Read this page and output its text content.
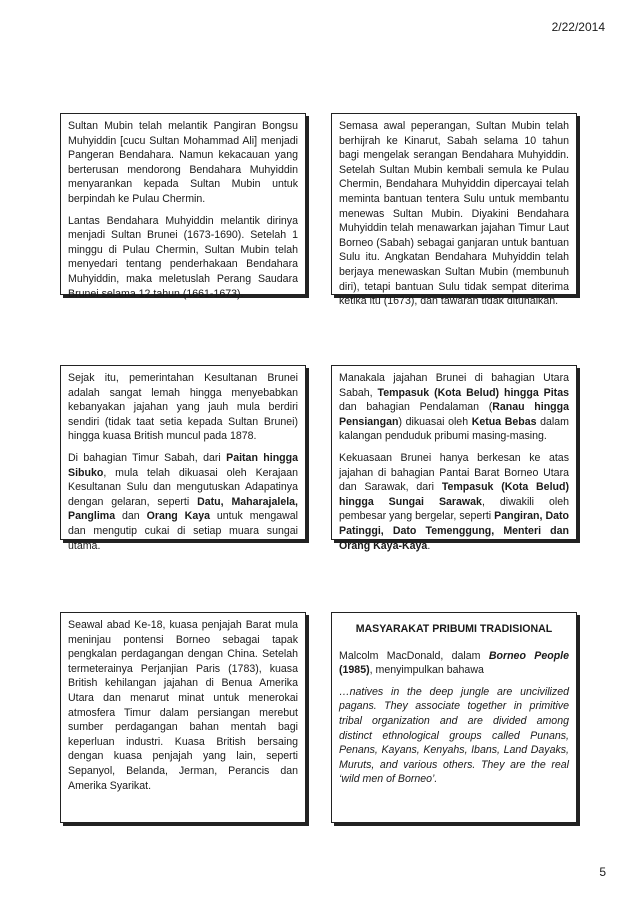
2/22/2014

Sultan Mubin telah melantik Pangiran Bongsu Muhyiddin [cucu Sultan Mohammad Ali] menjadi Pangeran Bendahara. Namun kekacauan yang berterusan mendorong Bendahara Muhyiddin menyarankan kepada Sultan Mubin untuk berpindah ke Pulau Chermin.

Lantas Bendahara Muhyiddin melantik dirinya menjadi Sultan Brunei (1673-1690). Setelah 1 minggu di Pulau Chermin, Sultan Mubin telah menyedari tentang penderhakaan Bendahara Muhyiddin, maka meletuslah Perang Saudara Brunei selama 12 tahun (1661-1673).

Semasa awal peperangan, Sultan Mubin telah berhijrah ke Kinarut, Sabah selama 10 tahun bagi mengelak serangan Bendahara Muhyiddin. Setelah Sultan Mubin kembali semula ke Pulau Chermin, Bendahara Muhyiddin dipercayai telah meminta bantuan tentera Sulu untuk membantu menewas Sultan Mubin. Diyakini Bendahara Muhyiddin telah menawarkan jajahan Timur Laut Borneo (Sabah) sebagai ganjaran untuk bantuan Sulu itu. Angkatan Bendahara Muhyiddin telah berjaya menewaskan Sultan Mubin (membunuh diri), tetapi bantuan Sulu tidak sempat diterima ketika itu (1673), dan tawaran tidak ditunaikan.

Sejak itu, pemerintahan Kesultanan Brunei adalah sangat lemah hingga menyebabkan kebanyakan jajahan yang jauh mula berdiri sendiri (tidak taat setia kepada Sultan Brunei) hingga kuasa British muncul pada 1878.

Di bahagian Timur Sabah, dari Paitan hingga Sibuko, mula telah dikuasai oleh Kerajaan Kesultanan Sulu dan mengutuskan Adapatinya dengan gelaran, seperti Datu, Maharajalela, Panglima dan Orang Kaya untuk mengawal dan mengutip cukai di setiap muara sungai utama.

Manakala jajahan Brunei di bahagian Utara Sabah, Tempasuk (Kota Belud) hingga Pitas dan bahagian Pendalaman (Ranau hingga Pensiangan) dikuasai oleh Ketua Bebas dalam kalangan penduduk pribumi masing-masing.

Kekuasaan Brunei hanya berkesan ke atas jajahan di bahagian Pantai Barat Borneo Utara dan Sarawak, dari Tempasuk (Kota Belud) hingga Sungai Sarawak, diwakili oleh pembesar yang bergelar, seperti Pangiran, Dato Patinggi, Dato Temenggung, Menteri dan Orang Kaya-Kaya.

Seawal abad Ke-18, kuasa penjajah Barat mula meninjau pontensi Borneo sebagai tapak pengkalan perdagangan dengan China. Setelah termeterainya Perjanjian Paris (1783), kuasa British kehilangan jajahan di Benua Amerika Utara dan menarut minat untuk menerokai atmosfera Timur dalam persiangan merebut sumber perdagangan bahan mentah bagi keperluan industri. Kuasa British bersaing dengan kuasa penjajah yang lain, seperti Sepanyol, Belanda, Jerman, Perancis dan Amerika Syarikat.

MASYARAKAT PRIBUMI TRADISIONAL

Malcolm MacDonald, dalam Borneo People (1985), menyimpulkan bahawa

…natives in the deep jungle are uncivilized pagans. They associate together in primitive tribal organization and are divided among distinct ethnological groups called Punans, Penans, Kayans, Kenyahs, Ibans, Land Dayaks, Muruts, and various others. They are the real ‘wild men of Borneo’.

5
